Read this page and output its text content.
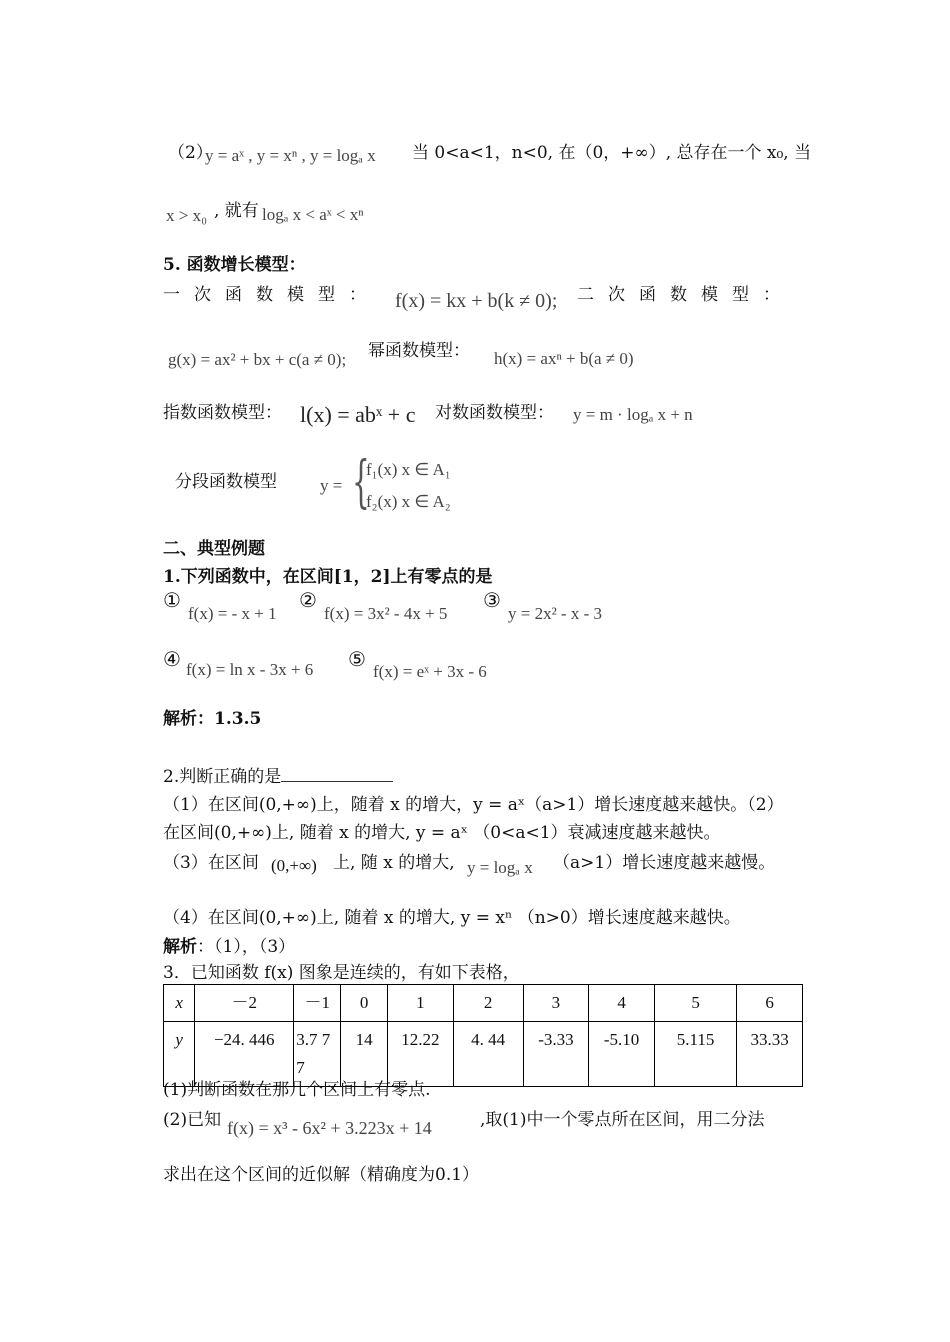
（2）
y = aˣ , y = xⁿ , y = logₐ x 当 0<a<1，n<0, 在（0，+∞）, 总存在一个 x₀, 当
x > x₀ , 就有 logₐ x < aˣ < xⁿ
5. 函数增长模型：
一次函数模型： f(x) = kx + b(k ≠ 0); 二次函数模型：
g(x) = ax² + bx + c(a ≠ 0); 幂函数模型： h(x) = axⁿ + b(a ≠ 0)
指数函数模型： l(x) = abˣ + c 对数函数模型： y = m · logₐ x + n
分段函数模型	y = {
f₁(x) x ∈ A₁
f₂(x) x ∈ A₂
二、典型例题
1.下列函数中，在区间[1，2]上有零点的是
①
f(x) = - x + 1
②
f(x) = 3x² - 4x + 5
③
y = 2x² - x - 3
④ f(x) = ln x - 3x + 6 ⑤
f(x) = eˣ + 3x - 6
解析：1.3.5
2.判断正确的是
（1）在区间(0,+∞)上，随着 x 的增大，y = aˣ（a>1）增长速度越来越快。（2）
在区间(0,+∞)上, 随着 x 的增大, y = aˣ （0<a<1）衰减速度越来越快。
（3）在区间 (0,+∞) 上, 随 x 的增大, y = logₐ x （a>1）增长速度越来越慢。
（4）在区间(0,+∞)上, 随着 x 的增大, y = xⁿ （n>0）增长速度越来越快。
解析：（1），（3）
3．已知函数 f(x) 图象是连续的，有如下表格，
x	－2	－1	0	1	2	3	4	5	6
y	−24. 446	3.7 77	14	12.22	4. 44	-3.33	-5.10	5.115	33.33
(1)判断函数在那几个区间上有零点.
(2)已知 f(x) = x³ - 6x² + 3.223x + 14	,取(1)中一个零点所在区间，用二分法
求出在这个区间的近似解（精确度为0.1）
